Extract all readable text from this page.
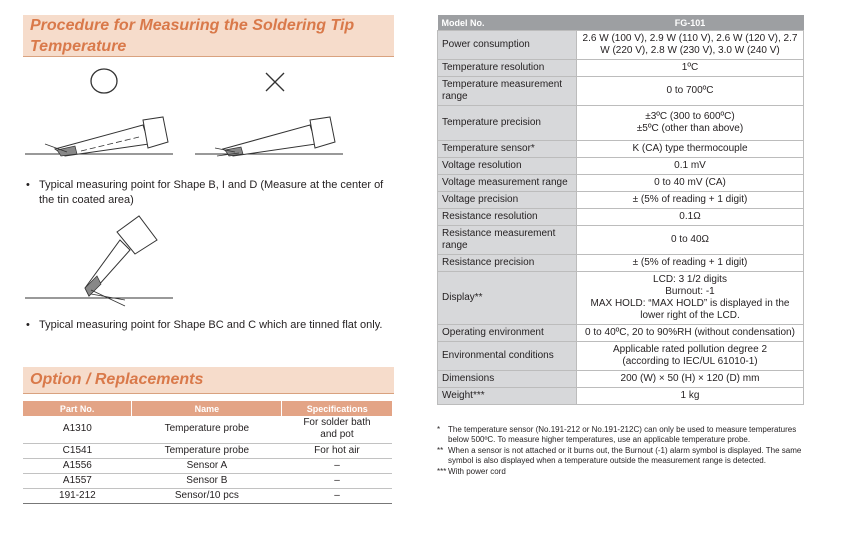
Procedure for Measuring the Soldering Tip
Temperature
• Typical measuring point for Shape B, I and D (Measure at the center of the tin coated area)
• Typical measuring point for Shape BC and C which are tinned flat only.
Option / Replacements
Part No.	Name	Specifications
A1310	Temperature probe	For solder bath and pot
C1541	Temperature probe	For hot air
A1556	Sensor A	–
A1557	Sensor B	–
191-212	Sensor/10 pcs	–
Model No.	FG-101
Power consumption	2.6 W (100 V), 2.9 W (110 V), 2.6 W (120 V), 2.7 W (220 V), 2.8 W (230 V), 3.0 W (240 V)
Temperature resolution	1ºC
Temperature measurement range	0 to 700ºC
Temperature precision	±3ºC (300 to 600ºC)
±5ºC (other than above)

Temperature sensor*	K (CA) type thermocouple
Voltage resolution	0.1 mV
Voltage measurement range	0 to 40 mV (CA)
Voltage precision	± (5% of reading + 1 digit)
Resistance resolution	0.1Ω
Resistance measurement range	0 to 40Ω
Resistance precision	± (5% of reading + 1 digit)
Display**	LCD: 3 1/2 digits
Burnout: -1
MAX HOLD: “MAX HOLD” is displayed in the lower right of the LCD.

Operating environment	0 to 40ºC, 20 to 90%RH (without condensation)
Environmental conditions	Applicable rated pollution degree 2
(according to IEC/UL 61010-1)

Dimensions	200 (W) × 50 (H) × 120 (D) mm
Weight***	1 kg
* The temperature sensor (No.191-212 or No.191-212C) can only be used to measure temperatures below 500ºC. To measure higher temperatures, use an applicable temperature probe.
** When a sensor is not attached or it burns out, the Burnout (-1) alarm symbol is displayed. The same symbol is also displayed when a temperature outside the measurement range is detected.
*** With power cord
